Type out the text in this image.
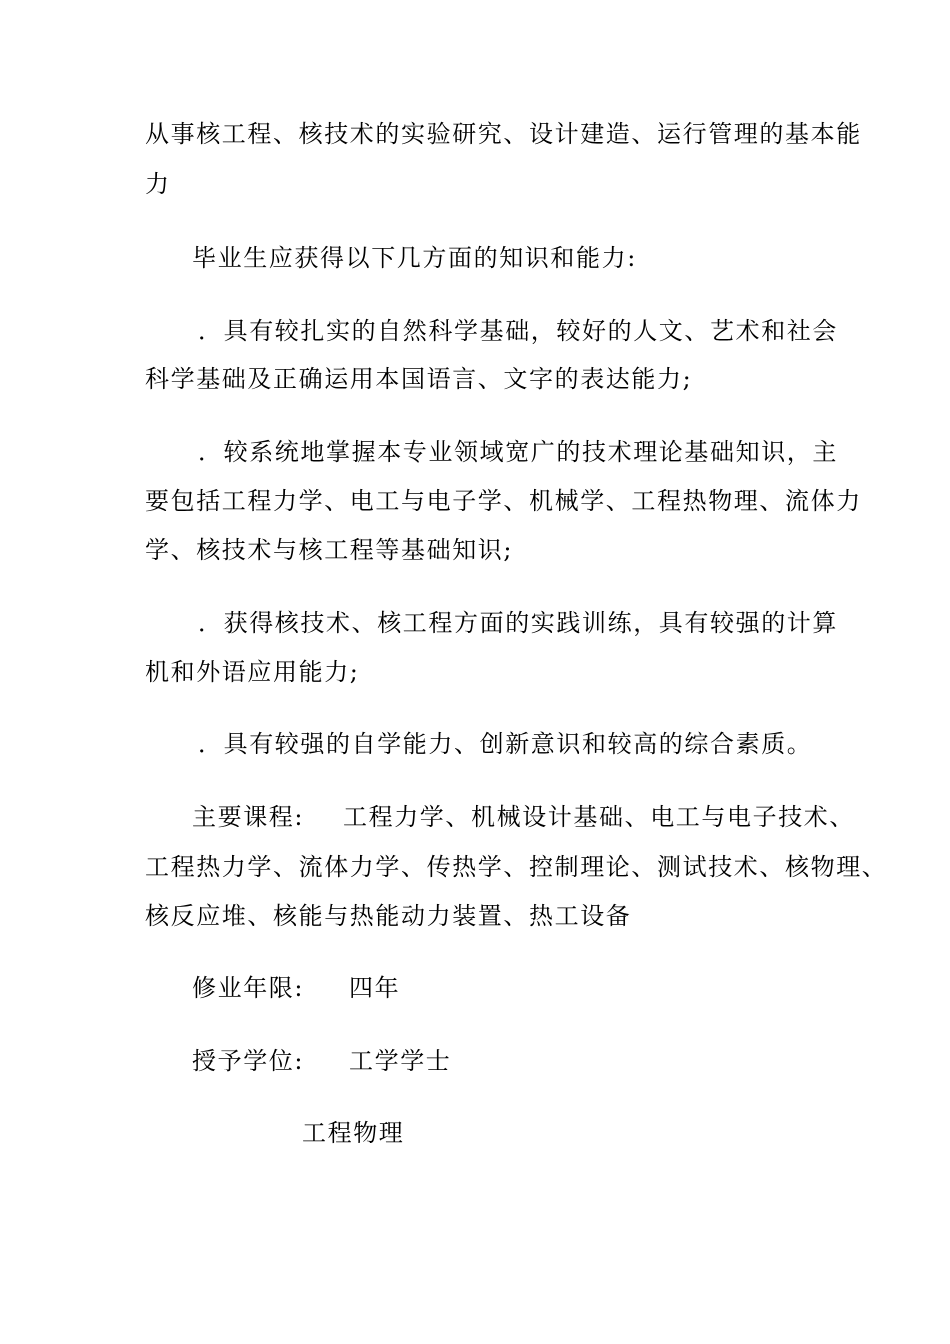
从事核工程、核技术的实验研究、设计建造、运行管理的基本能
力
毕业生应获得以下几方面的知识和能力:
．具有较扎实的自然科学基础，较好的人文、艺术和社会
科学基础及正确运用本国语言、文字的表达能力;
．较系统地掌握本专业领域宽广的技术理论基础知识，主
要包括工程力学、电工与电子学、机械学、工程热物理、流体力
学、核技术与核工程等基础知识;
．获得核技术、核工程方面的实践训练，具有较强的计算
机和外语应用能力;
．具有较强的自学能力、创新意识和较高的综合素质。
主要课程: 工程力学、机械设计基础、电工与电子技术、
工程热力学、流体力学、传热学、控制理论、测试技术、核物理、
核反应堆、核能与热能动力装置、热工设备
修业年限: 四年
授予学位: 工学学士
工程物理
